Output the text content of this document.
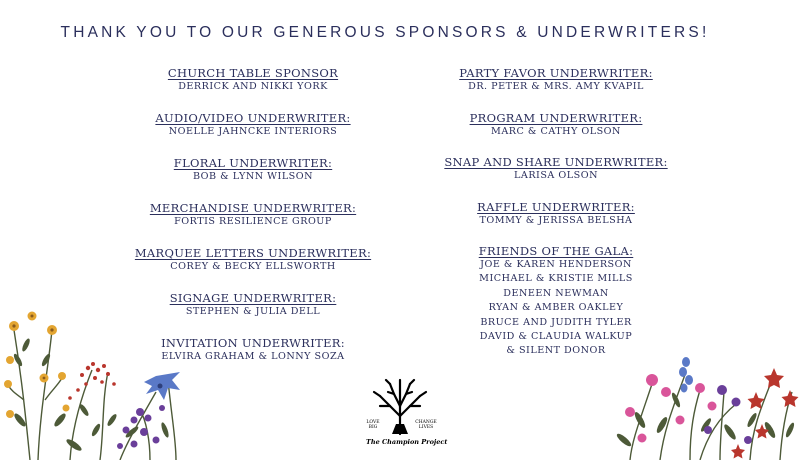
THANK YOU TO OUR GENEROUS SPONSORS & UNDERWRITERS!
CHURCH TABLE SPONSOR
DERRICK AND NIKKI YORK
AUDIO/VIDEO UNDERWRITER:
NOELLE JAHNCKE INTERIORS
FLORAL UNDERWRITER:
BOB & LYNN WILSON
MERCHANDISE UNDERWRITER:
FORTIS RESILIENCE GROUP
MARQUEE LETTERS UNDERWRITER:
COREY & BECKY ELLSWORTH
SIGNAGE UNDERWRITER:
STEPHEN & JULIA DELL
INVITATION UNDERWRITER:
ELVIRA GRAHAM & LONNY SOZA
PARTY FAVOR UNDERWRITER:
DR. PETER & MRS. AMY KVAPIL
PROGRAM UNDERWRITER:
MARC & CATHY OLSON
SNAP AND SHARE UNDERWRITER:
LARISA OLSON
RAFFLE UNDERWRITER:
TOMMY & JERISSA BELSHA
FRIENDS OF THE GALA:
JOE & KAREN HENDERSON
MICHAEL & KRISTIE MILLS
DENEEN NEWMAN
RYAN & AMBER OAKLEY
BRUCE AND JUDITH TYLER
DAVID & CLAUDIA WALKUP
& SILENT DONOR
LOVE BIG
CHANGE LIVES
The Champion Project
